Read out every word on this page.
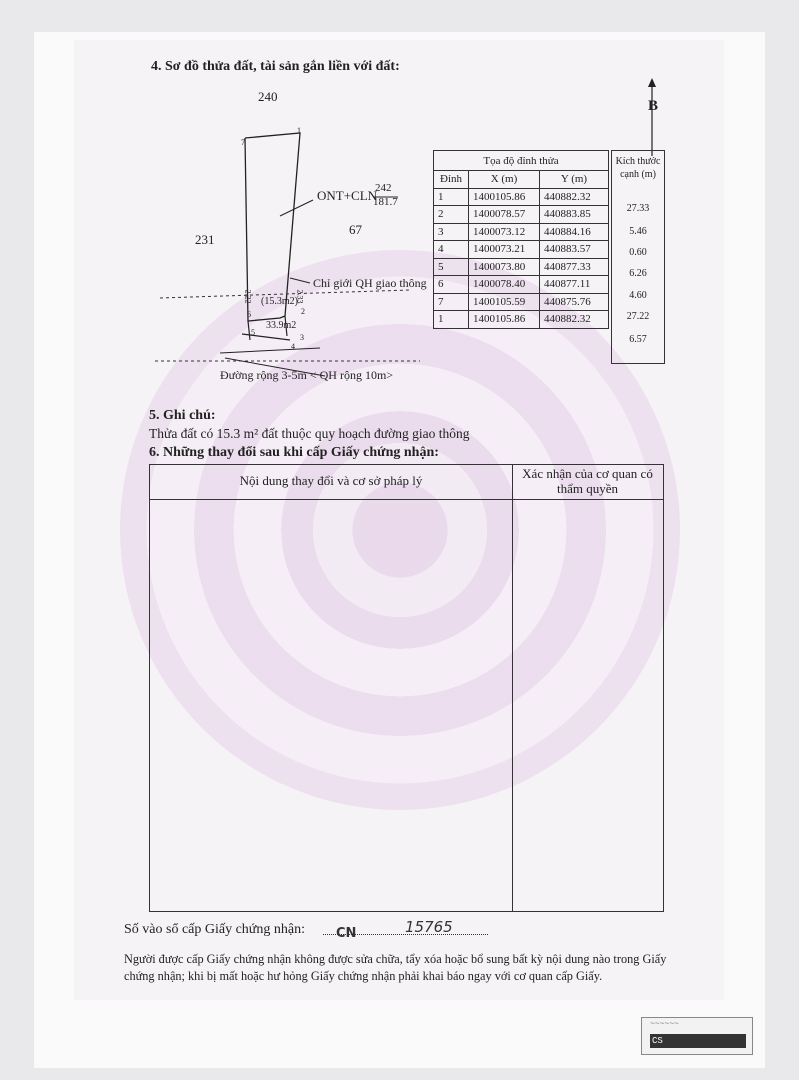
4. Sơ đồ thửa đất, tài sản gắn liền với đất:
B
240
231
67
ONT+CLN
242
181.7
Chỉ giới QH giao thông
(15.3m2)
33.9m2
Đường rộng 3-5m < QH rộng 10m>
2.22	2.33
1
2
3
4
5
6
7
Tọa độ đỉnh thửa		
Đỉnh	X (m)	Y (m)
1	1400105.86	440882.32
2	1400078.57	440883.85
3	1400073.12	440884.16
4	1400073.21	440883.57
5	1400073.80	440877.33
6	1400078.40	440877.11
7	1400105.59	440875.76
1	1400105.86	440882.32
Kích thước cạnh (m)
27.33
5.46
0.60
6.26
4.60
27.22
6.57
5. Ghi chú:
Thửa đất có 15.3 m² đất thuộc quy hoạch đường giao thông
6. Những thay đổi sau khi cấp Giấy chứng nhận:
Nội dung thay đổi và cơ sở pháp lý	Xác nhận của cơ quan có thẩm quyền
Số vào sổ cấp Giấy chứng nhận: CN	15765
Người được cấp Giấy chứng nhận không được sửa chữa, tẩy xóa hoặc bổ sung bất kỳ nội dung nào trong Giấy chứng nhận; khi bị mất hoặc hư hỏng Giấy chứng nhận phải khai báo ngay với cơ quan cấp Giấy.
~~~~~~
CS
